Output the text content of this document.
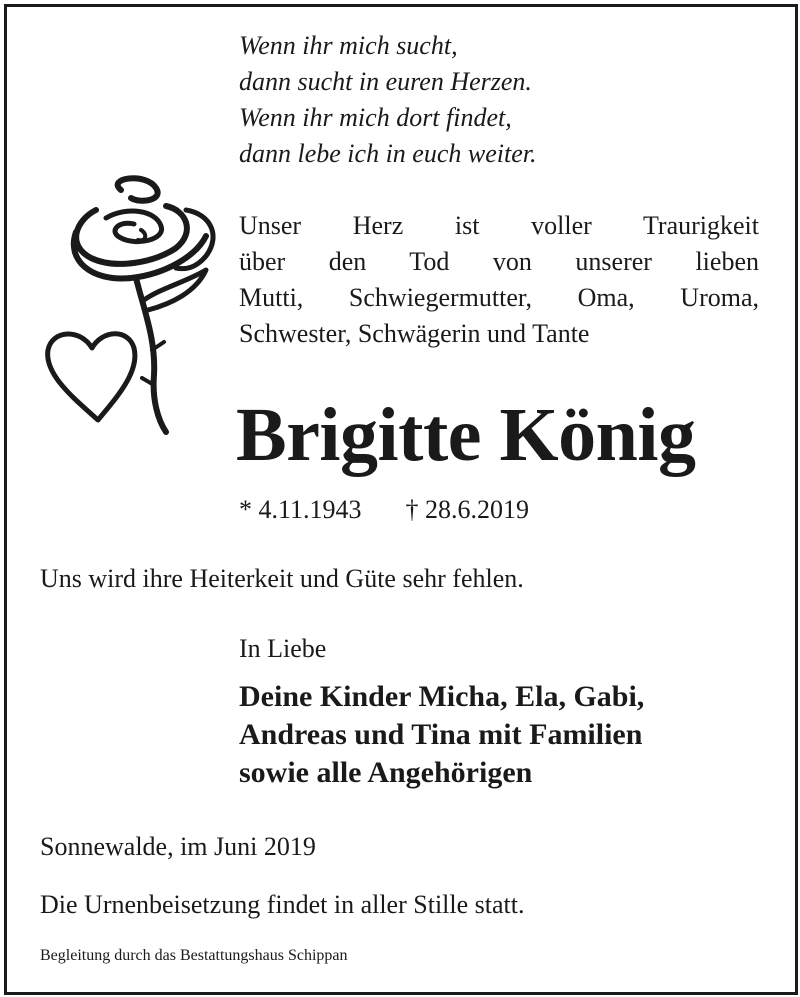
Wenn ihr mich sucht,
dann sucht in euren Herzen.
Wenn ihr mich dort findet,
dann lebe ich in euch weiter.
Unser Herz ist voller Traurigkeit
über den Tod von unserer lieben
Mutti, Schwiegermutter, Oma, Uroma,
Schwester, Schwägerin und Tante
Brigitte König
* 4.11.1943 † 28.6.2019
Uns wird ihre Heiterkeit und Güte sehr fehlen.
In Liebe
Deine Kinder Micha, Ela, Gabi,
Andreas und Tina mit Familien
sowie alle Angehörigen
Sonnewalde, im Juni 2019
Die Urnenbeisetzung findet in aller Stille statt.
Begleitung durch das Bestattungshaus Schippan
